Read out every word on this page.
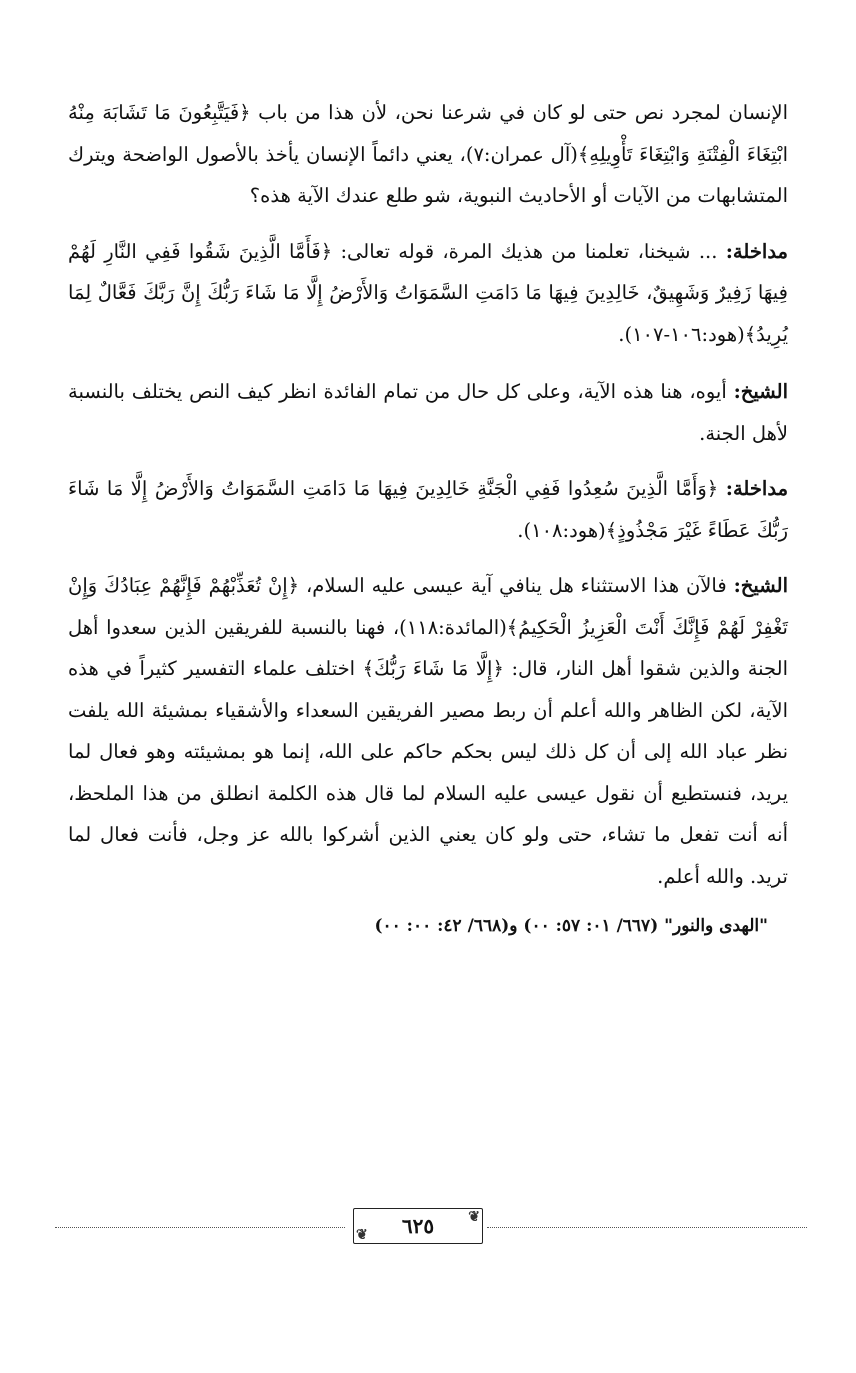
الإنسان لمجرد نص حتى لو كان في شرعنا نحن، لأن هذا من باب ﴿فَيَتَّبِعُونَ مَا تَشَابَهَ مِنْهُ ابْتِغَاءَ الْفِتْنَةِ وَابْتِغَاءَ تَأْوِيلِهِ﴾(آل عمران:٧)، يعني دائماً الإنسان يأخذ بالأصول الواضحة ويترك المتشابهات من الآيات أو الأحاديث النبوية، شو طلع عندك الآية هذه؟

مداخلة: ... شيخنا، تعلمنا من هذيك المرة، قوله تعالى: ﴿فَأَمَّا الَّذِينَ شَقُوا فَفِي النَّارِ لَهُمْ فِيهَا زَفِيرٌ وَشَهِيقٌ، خَالِدِينَ فِيهَا مَا دَامَتِ السَّمَوَاتُ وَالأَرْضُ إِلَّا مَا شَاءَ رَبُّكَ إِنَّ رَبَّكَ فَعَّالٌ لِمَا يُرِيدُ﴾(هود:١٠٦-١٠٧).

الشيخ: أيوه، هنا هذه الآية، وعلى كل حال من تمام الفائدة انظر كيف النص يختلف بالنسبة لأهل الجنة.

مداخلة: ﴿وَأَمَّا الَّذِينَ سُعِدُوا فَفِي الْجَنَّةِ خَالِدِينَ فِيهَا مَا دَامَتِ السَّمَوَاتُ وَالأَرْضُ إِلَّا مَا شَاءَ رَبُّكَ عَطَاءً غَيْرَ مَجْذُوذٍ﴾(هود:١٠٨).

الشيخ: فالآن هذا الاستثناء هل ينافي آية عيسى عليه السلام، ﴿إِنْ تُعَذِّبْهُمْ فَإِنَّهُمْ عِبَادُكَ وَإِنْ تَغْفِرْ لَهُمْ فَإِنَّكَ أَنْتَ الْعَزِيزُ الْحَكِيمُ﴾(المائدة:١١٨)، فهنا بالنسبة للفريقين الذين سعدوا أهل الجنة والذين شقوا أهل النار، قال: ﴿إِلَّا مَا شَاءَ رَبُّكَ﴾ اختلف علماء التفسير كثيراً في هذه الآية، لكن الظاهر والله أعلم أن ربط مصير الفريقين السعداء والأشقياء بمشيئة الله يلفت نظر عباد الله إلى أن كل ذلك ليس بحكم حاكم على الله، إنما هو بمشيئته وهو فعال لما يريد، فنستطيع أن نقول عيسى عليه السلام لما قال هذه الكلمة انطلق من هذا الملحظ، أنه أنت تفعل ما تشاء، حتى ولو كان يعني الذين أشركوا بالله عز وجل، فأنت فعال لما تريد. والله أعلم.

"الهدى والنور" (٦٦٧/ ٠١: ٥٧: ٠٠) و(٦٦٨/ ٤٢: ٠٠: ٠٠)
❦
٦٢٥
❦
